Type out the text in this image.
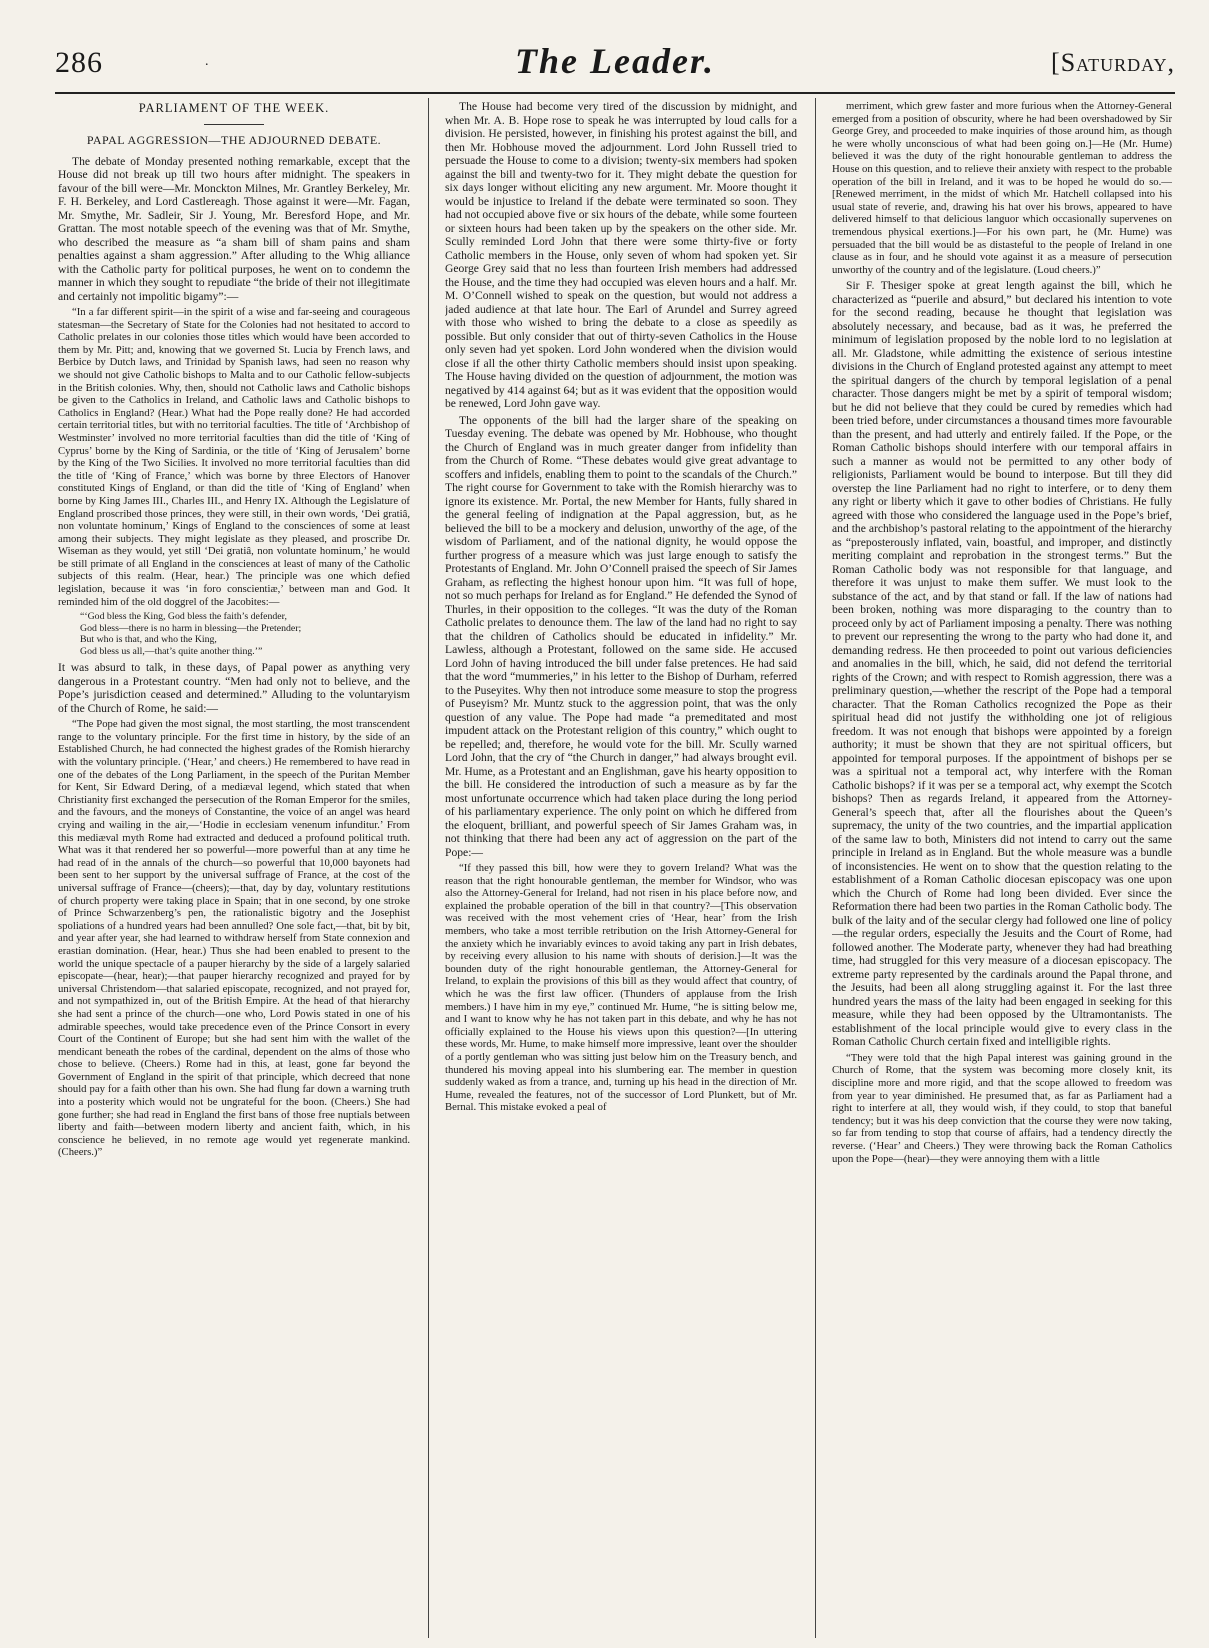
286	.	The Leader.	[Saturday,
PARLIAMENT OF THE WEEK.
PAPAL AGGRESSION—THE ADJOURNED DEBATE.

The debate of Monday presented nothing remarkable, except that the House did not break up till two hours after midnight. The speakers in favour of the bill were—Mr. Monckton Milnes, Mr. Grantley Berkeley, Mr. F. H. Berkeley, and Lord Castlereagh. Those against it were—Mr. Fagan, Mr. Smythe, Mr. Sadleir, Sir J. Young, Mr. Beresford Hope, and Mr. Grattan. The most notable speech of the evening was that of Mr. Smythe, who described the measure as “a sham bill of sham pains and sham penalties against a sham aggression.” After alluding to the Whig alliance with the Catholic party for political purposes, he went on to condemn the manner in which they sought to repudiate “the bride of their not illegitimate and certainly not impolitic bigamy”:—

“In a far different spirit—in the spirit of a wise and far-seeing and courageous statesman—the Secretary of State for the Colonies had not hesitated to accord to Catholic prelates in our colonies those titles which would have been accorded to them by Mr. Pitt; and, knowing that we governed St. Lucia by French laws, and Berbice by Dutch laws, and Trinidad by Spanish laws, had seen no reason why we should not give Catholic bishops to Malta and to our Catholic fellow-subjects in the British colonies. Why, then, should not Catholic laws and Catholic bishops be given to the Catholics in Ireland, and Catholic laws and Catholic bishops to Catholics in England? (Hear.) What had the Pope really done? He had accorded certain territorial titles, but with no territorial faculties. The title of ‘Archbishop of Westminster’ involved no more territorial faculties than did the title of ‘King of Cyprus’ borne by the King of Sardinia, or the title of ‘King of Jerusalem’ borne by the King of the Two Sicilies. It involved no more territorial faculties than did the title of ‘King of France,’ which was borne by three Electors of Hanover constituted Kings of England, or than did the title of ‘King of England’ when borne by King James III., Charles III., and Henry IX. Although the Legislature of England proscribed those princes, they were still, in their own words, ‘Dei gratiâ, non voluntate hominum,’ Kings of England to the consciences of some at least among their subjects. They might legislate as they pleased, and proscribe Dr. Wiseman as they would, yet still ‘Dei gratiâ, non voluntate hominum,’ he would be still primate of all England in the consciences at least of many of the Catholic subjects of this realm. (Hear, hear.) The principle was one which defied legislation, because it was ‘in foro conscientiæ,’ between man and God. It reminded him of the old doggrel of the Jacobites:—

“‘God bless the King, God bless the faith’s defender,
God bless—there is no harm in blessing—the Pretender;
But who is that, and who the King,
God bless us all,—that’s quite another thing.’”

It was absurd to talk, in these days, of Papal power as anything very dangerous in a Protestant country. “Men had only not to believe, and the Pope’s jurisdiction ceased and determined.” Alluding to the voluntaryism of the Church of Rome, he said:—

“The Pope had given the most signal, the most startling, the most transcendent range to the voluntary principle. For the first time in history, by the side of an Established Church, he had connected the highest grades of the Romish hierarchy with the voluntary principle. (‘Hear,’ and cheers.) He remembered to have read in one of the debates of the Long Parliament, in the speech of the Puritan Member for Kent, Sir Edward Dering, of a mediæval legend, which stated that when Christianity first exchanged the persecution of the Roman Emperor for the smiles, and the favours, and the moneys of Constantine, the voice of an angel was heard crying and wailing in the air,—‘Hodie in ecclesiam venenum infunditur.’ From this mediæval myth Rome had extracted and deduced a profound political truth. What was it that rendered her so powerful—more powerful than at any time he had read of in the annals of the church—so powerful that 10,000 bayonets had been sent to her support by the universal suffrage of France, at the cost of the universal suffrage of France—(cheers);—that, day by day, voluntary restitutions of church property were taking place in Spain; that in one second, by one stroke of Prince Schwarzenberg’s pen, the rationalistic bigotry and the Josephist spoliations of a hundred years had been annulled? One sole fact,—that, bit by bit, and year after year, she had learned to withdraw herself from State connexion and erastian domination. (Hear, hear.) Thus she had been enabled to present to the world the unique spectacle of a pauper hierarchy by the side of a largely salaried episcopate—(hear, hear);—that pauper hierarchy recognized and prayed for by universal Christendom—that salaried episcopate, recognized, and not prayed for, and not sympathized in, out of the British Empire. At the head of that hierarchy she had sent a prince of the church—one who, Lord Powis stated in one of his admirable speeches, would take precedence even of the Prince Consort in every Court of the Continent of Europe; but she had sent him with the wallet of the mendicant beneath the robes of the cardinal, dependent on the alms of those who chose to believe. (Cheers.) Rome had in this, at least, gone far beyond the Government of England in the spirit of that principle, which decreed that none should pay for a faith other than his own. She had flung far down a warning truth into a posterity which would not be ungrateful for the boon. (Cheers.) She had gone further; she had read in England the first bans of those free nuptials between liberty and faith—between modern liberty and ancient faith, which, in his conscience he believed, in no remote age would yet regenerate mankind. (Cheers.)”

The House had become very tired of the discussion by midnight, and when Mr. A. B. Hope rose to speak he was interrupted by loud calls for a division. He persisted, however, in finishing his protest against the bill, and then Mr. Hobhouse moved the adjournment. Lord John Russell tried to persuade the House to come to a division; twenty-six members had spoken against the bill and twenty-two for it. They might debate the question for six days longer without eliciting any new argument. Mr. Moore thought it would be injustice to Ireland if the debate were terminated so soon. They had not occupied above five or six hours of the debate, while some fourteen or sixteen hours had been taken up by the speakers on the other side. Mr. Scully reminded Lord John that there were some thirty-five or forty Catholic members in the House, only seven of whom had spoken yet. Sir George Grey said that no less than fourteen Irish members had addressed the House, and the time they had occupied was eleven hours and a half. Mr. M. O’Connell wished to speak on the question, but would not address a jaded audience at that late hour. The Earl of Arundel and Surrey agreed with those who wished to bring the debate to a close as speedily as possible. But only consider that out of thirty-seven Catholics in the House only seven had yet spoken. Lord John wondered when the division would close if all the other thirty Catholic members should insist upon speaking. The House having divided on the question of adjournment, the motion was negatived by 414 against 64; but as it was evident that the opposition would be renewed, Lord John gave way.

The opponents of the bill had the larger share of the speaking on Tuesday evening. The debate was opened by Mr. Hobhouse, who thought the Church of England was in much greater danger from infidelity than from the Church of Rome. “These debates would give great advantage to scoffers and infidels, enabling them to point to the scandals of the Church.” The right course for Government to take with the Romish hierarchy was to ignore its existence. Mr. Portal, the new Member for Hants, fully shared in the general feeling of indignation at the Papal aggression, but, as he believed the bill to be a mockery and delusion, unworthy of the age, of the wisdom of Parliament, and of the national dignity, he would oppose the further progress of a measure which was just large enough to satisfy the Protestants of England. Mr. John O’Connell praised the speech of Sir James Graham, as reflecting the highest honour upon him. “It was full of hope, not so much perhaps for Ireland as for England.” He defended the Synod of Thurles, in their opposition to the colleges. “It was the duty of the Roman Catholic prelates to denounce them. The law of the land had no right to say that the children of Catholics should be educated in infidelity.” Mr. Lawless, although a Protestant, followed on the same side. He accused Lord John of having introduced the bill under false pretences. He had said that the word “mummeries,” in his letter to the Bishop of Durham, referred to the Puseyites. Why then not introduce some measure to stop the progress of Puseyism? Mr. Muntz stuck to the aggression point, that was the only question of any value. The Pope had made “a premeditated and most impudent attack on the Protestant religion of this country,” which ought to be repelled; and, therefore, he would vote for the bill. Mr. Scully warned Lord John, that the cry of “the Church in danger,” had always brought evil. Mr. Hume, as a Protestant and an Englishman, gave his hearty opposition to the bill. He considered the introduction of such a measure as by far the most unfortunate occurrence which had taken place during the long period of his parliamentary experience. The only point on which he differed from the eloquent, brilliant, and powerful speech of Sir James Graham was, in not thinking that there had been any act of aggression on the part of the Pope:—

“If they passed this bill, how were they to govern Ireland? What was the reason that the right honourable gentleman, the member for Windsor, who was also the Attorney-General for Ireland, had not risen in his place before now, and explained the probable operation of the bill in that country?—[This observation was received with the most vehement cries of ‘Hear, hear’ from the Irish members, who take a most terrible retribution on the Irish Attorney-General for the anxiety which he invariably evinces to avoid taking any part in Irish debates, by receiving every allusion to his name with shouts of derision.]—It was the bounden duty of the right honourable gentleman, the Attorney-General for Ireland, to explain the provisions of this bill as they would affect that country, of which he was the first law officer. (Thunders of applause from the Irish members.) I have him in my eye,” continued Mr. Hume, “he is sitting below me, and I want to know why he has not taken part in this debate, and why he has not officially explained to the House his views upon this question?—[In uttering these words, Mr. Hume, to make himself more impressive, leant over the shoulder of a portly gentleman who was sitting just below him on the Treasury bench, and thundered his moving appeal into his slumbering ear. The member in question suddenly waked as from a trance, and, turning up his head in the direction of Mr. Hume, revealed the features, not of the successor of Lord Plunkett, but of Mr. Bernal. This mistake evoked a peal of

merriment, which grew faster and more furious when the Attorney-General emerged from a position of obscurity, where he had been overshadowed by Sir George Grey, and proceeded to make inquiries of those around him, as though he were wholly unconscious of what had been going on.]—He (Mr. Hume) believed it was the duty of the right honourable gentleman to address the House on this question, and to relieve their anxiety with respect to the probable operation of the bill in Ireland, and it was to be hoped he would do so.—[Renewed merriment, in the midst of which Mr. Hatchell collapsed into his usual state of reverie, and, drawing his hat over his brows, appeared to have delivered himself to that delicious languor which occasionally supervenes on tremendous physical exertions.]—For his own part, he (Mr. Hume) was persuaded that the bill would be as distasteful to the people of Ireland in one clause as in four, and he should vote against it as a measure of persecution unworthy of the country and of the legislature. (Loud cheers.)”

Sir F. Thesiger spoke at great length against the bill, which he characterized as “puerile and absurd,” but declared his intention to vote for the second reading, because he thought that legislation was absolutely necessary, and because, bad as it was, he preferred the minimum of legislation proposed by the noble lord to no legislation at all. Mr. Gladstone, while admitting the existence of serious intestine divisions in the Church of England protested against any attempt to meet the spiritual dangers of the church by temporal legislation of a penal character. Those dangers might be met by a spirit of temporal wisdom; but he did not believe that they could be cured by remedies which had been tried before, under circumstances a thousand times more favourable than the present, and had utterly and entirely failed. If the Pope, or the Roman Catholic bishops should interfere with our temporal affairs in such a manner as would not be permitted to any other body of religionists, Parliament would be bound to interpose. But till they did overstep the line Parliament had no right to interfere, or to deny them any right or liberty which it gave to other bodies of Christians. He fully agreed with those who considered the language used in the Pope’s brief, and the archbishop’s pastoral relating to the appointment of the hierarchy as “preposterously inflated, vain, boastful, and improper, and distinctly meriting complaint and reprobation in the strongest terms.” But the Roman Catholic body was not responsible for that language, and therefore it was unjust to make them suffer. We must look to the substance of the act, and by that stand or fall. If the law of nations had been broken, nothing was more disparaging to the country than to proceed only by act of Parliament imposing a penalty. There was nothing to prevent our representing the wrong to the party who had done it, and demanding redress. He then proceeded to point out various deficiencies and anomalies in the bill, which, he said, did not defend the territorial rights of the Crown; and with respect to Romish aggression, there was a preliminary question,—whether the rescript of the Pope had a temporal character. That the Roman Catholics recognized the Pope as their spiritual head did not justify the withholding one jot of religious freedom. It was not enough that bishops were appointed by a foreign authority; it must be shown that they are not spiritual officers, but appointed for temporal purposes. If the appointment of bishops per se was a spiritual not a temporal act, why interfere with the Roman Catholic bishops? if it was per se a temporal act, why exempt the Scotch bishops? Then as regards Ireland, it appeared from the Attorney-General’s speech that, after all the flourishes about the Queen’s supremacy, the unity of the two countries, and the impartial application of the same law to both, Ministers did not intend to carry out the same principle in Ireland as in England. But the whole measure was a bundle of inconsistencies. He went on to show that the question relating to the establishment of a Roman Catholic diocesan episcopacy was one upon which the Church of Rome had long been divided. Ever since the Reformation there had been two parties in the Roman Catholic body. The bulk of the laity and of the secular clergy had followed one line of policy—the regular orders, especially the Jesuits and the Court of Rome, had followed another. The Moderate party, whenever they had had breathing time, had struggled for this very measure of a diocesan episcopacy. The extreme party represented by the cardinals around the Papal throne, and the Jesuits, had been all along struggling against it. For the last three hundred years the mass of the laity had been engaged in seeking for this measure, while they had been opposed by the Ultramontanists. The establishment of the local principle would give to every class in the Roman Catholic Church certain fixed and intelligible rights.

“They were told that the high Papal interest was gaining ground in the Church of Rome, that the system was becoming more closely knit, its discipline more and more rigid, and that the scope allowed to freedom was from year to year diminished. He presumed that, as far as Parliament had a right to interfere at all, they would wish, if they could, to stop that baneful tendency; but it was his deep conviction that the course they were now taking, so far from tending to stop that course of affairs, had a tendency directly the reverse. (‘Hear’ and Cheers.) They were throwing back the Roman Catholics upon the Pope—(hear)—they were annoying them with a little
